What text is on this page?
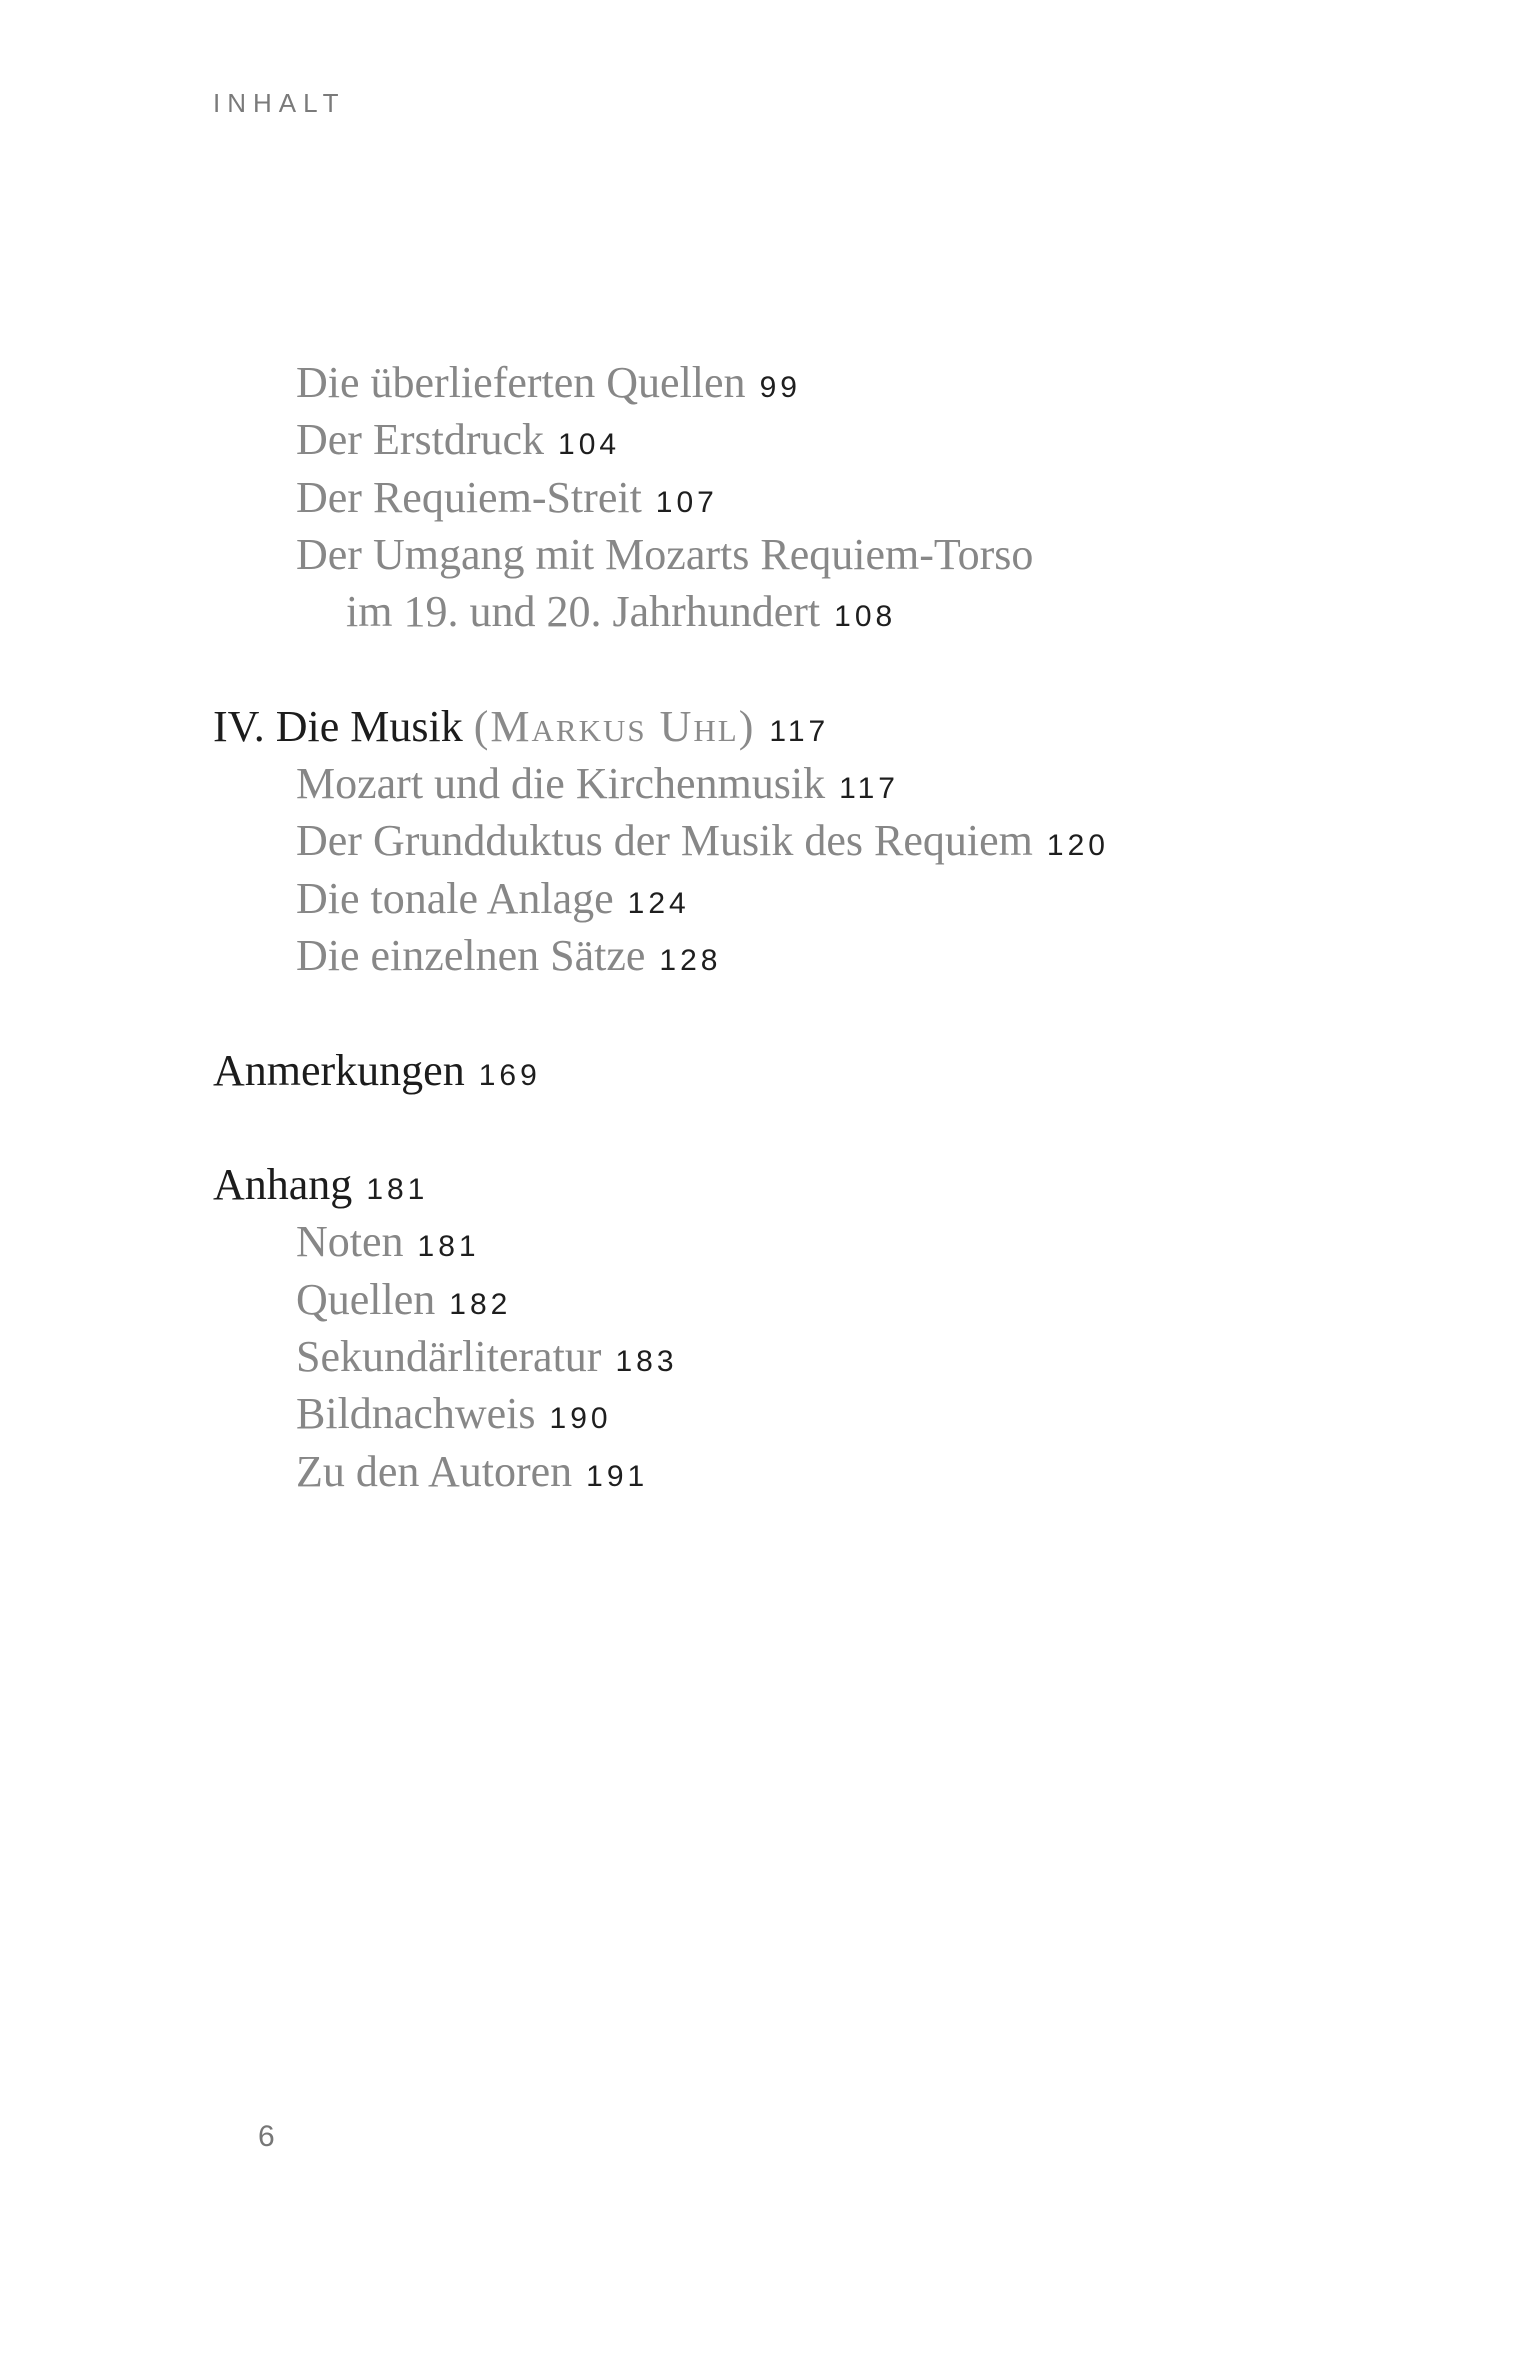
INHALT
Die überlieferten Quellen 99
Der Erstdruck 104
Der Requiem-Streit 107
Der Umgang mit Mozarts Requiem-Torso
im 19. und 20. Jahrhundert 108
IV. Die Musik (Markus Uhl) 117
Mozart und die Kirchenmusik 117
Der Grundduktus der Musik des Requiem 120
Die tonale Anlage 124
Die einzelnen Sätze 128
Anmerkungen 169
Anhang 181
Noten 181
Quellen 182
Sekundärliteratur 183
Bildnachweis 190
Zu den Autoren 191
6
